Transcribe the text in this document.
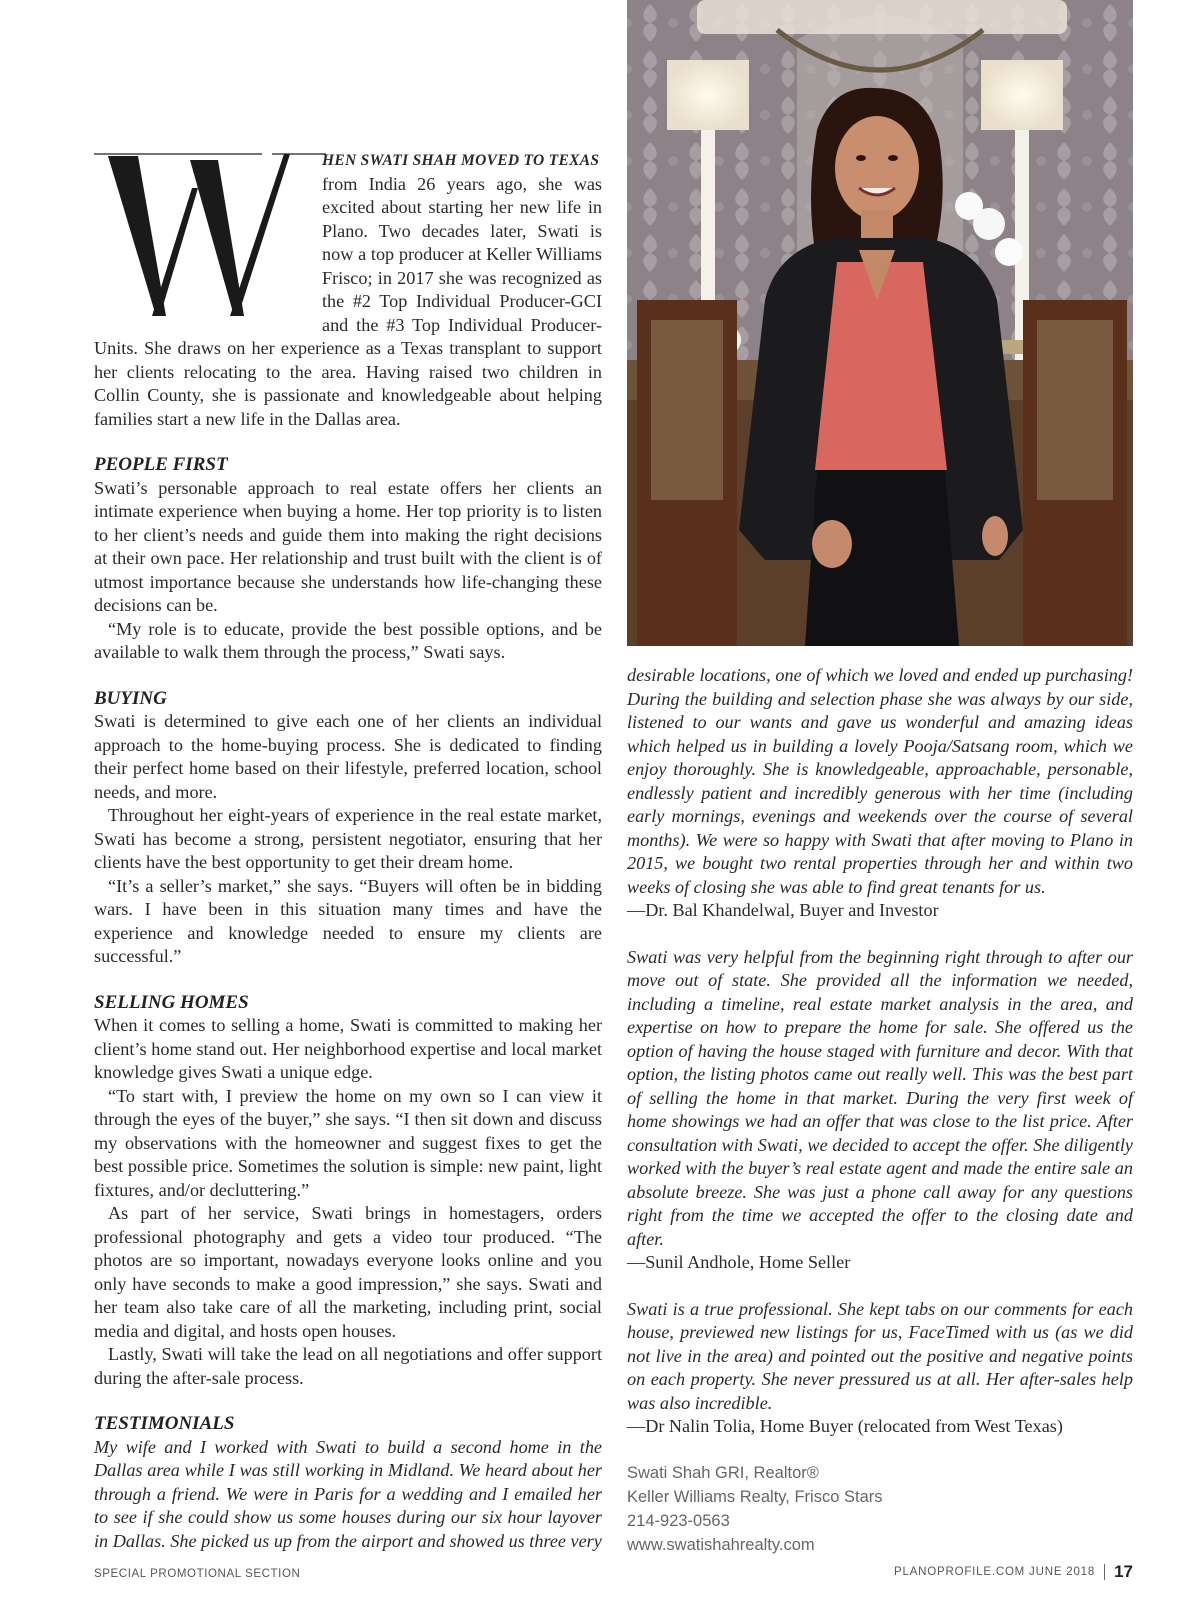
HEN SWATI SHAH MOVED TO TEXAS
from India 26 years ago, she was excited about starting her new life in Plano. Two decades later, Swati is now a top producer at Keller Williams Frisco; in 2017 she was recognized as the #2 Top Individual Producer-GCI and the #3 Top Individual Producer-Units. She draws on her experience as a Texas transplant to support her clients relocating to the area. Having raised two children in Collin County, she is passionate and knowledgeable about helping families start a new life in the Dallas area.

PEOPLE FIRST

Swati’s personable approach to real estate offers her clients an intimate experience when buying a home. Her top priority is to listen to her client’s needs and guide them into making the right decisions at their own pace. Her relationship and trust built with the client is of utmost importance because she understands how life-changing these decisions can be.

“My role is to educate, provide the best possible options, and be available to walk them through the process,” Swati says.

BUYING

Swati is determined to give each one of her clients an individual approach to the home-buying process. She is dedicated to finding their perfect home based on their lifestyle, preferred location, school needs, and more.

Throughout her eight-years of experience in the real estate market, Swati has become a strong, persistent negotiator, ensuring that her clients have the best opportunity to get their dream home.

“It’s a seller’s market,” she says. “Buyers will often be in bidding wars. I have been in this situation many times and have the experience and knowledge needed to ensure my clients are successful.”

SELLING HOMES

When it comes to selling a home, Swati is committed to making her client’s home stand out. Her neighborhood expertise and local market knowledge gives Swati a unique edge.

“To start with, I preview the home on my own so I can view it through the eyes of the buyer,” she says. “I then sit down and discuss my observations with the homeowner and suggest fixes to get the best possible price. Sometimes the solution is simple: new paint, light fixtures, and/or decluttering.”

As part of her service, Swati brings in homestagers, orders professional photography and gets a video tour produced. “The photos are so important, nowadays everyone looks online and you only have seconds to make a good impression,” she says. Swati and her team also take care of all the marketing, including print, social media and digital, and hosts open houses.

Lastly, Swati will take the lead on all negotiations and offer support during the after-sale process.

TESTIMONIALS

My wife and I worked with Swati to build a second home in the Dallas area while I was still working in Midland. We heard about her through a friend. We were in Paris for a wedding and I emailed her to see if she could show us some houses during our six hour layover in Dallas. She picked us up from the airport and showed us three very

desirable locations, one of which we loved and ended up purchasing! During the building and selection phase she was always by our side, listened to our wants and gave us wonderful and amazing ideas which helped us in building a lovely Pooja/Satsang room, which we enjoy thoroughly. She is knowledgeable, approachable, personable, endlessly patient and incredibly generous with her time (including early mornings, evenings and weekends over the course of several months). We were so happy with Swati that after moving to Plano in 2015, we bought two rental properties through her and within two weeks of closing she was able to find great tenants for us.

—Dr. Bal Khandelwal, Buyer and Investor

Swati was very helpful from the beginning right through to after our move out of state. She provided all the information we needed, including a timeline, real estate market analysis in the area, and expertise on how to prepare the home for sale. She offered us the option of having the house staged with furniture and decor. With that option, the listing photos came out really well. This was the best part of selling the home in that market. During the very first week of home showings we had an offer that was close to the list price. After consultation with Swati, we decided to accept the offer. She diligently worked with the buyer’s real estate agent and made the entire sale an absolute breeze. She was just a phone call away for any questions right from the time we accepted the offer to the closing date and after.

—Sunil Andhole, Home Seller

Swati is a true professional. She kept tabs on our comments for each house, previewed new listings for us, FaceTimed with us (as we did not live in the area) and pointed out the positive and negative points on each property. She never pressured us at all. Her after-sales help was also incredible.

—Dr Nalin Tolia, Home Buyer (relocated from West Texas)

Swati Shah GRI, Realtor®
Keller Williams Realty, Frisco Stars
214-923-0563
www.swatishahrealty.com
SPECIAL PROMOTIONAL SECTION	PLANOPROFILE.COM JUNE 2018 17
